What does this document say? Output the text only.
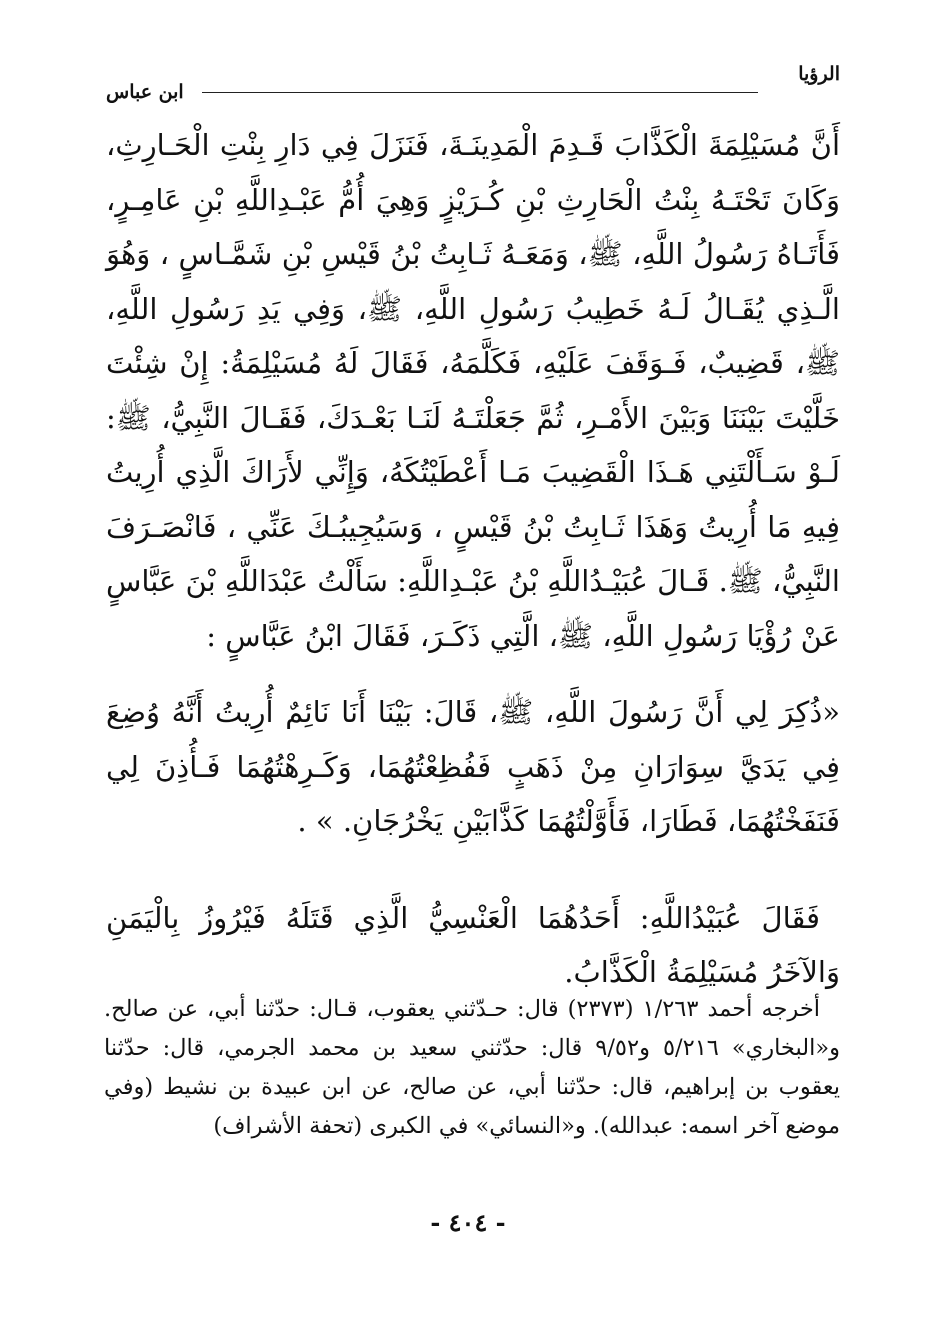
الرؤيا
ابن عباس

أَنَّ مُسَيْلِمَةَ الْكَذَّابَ قَـدِمَ الْمَدِينَـةَ، فَنَزَلَ فِي دَارِ بِنْتِ الْحَـارِثِ، وَكَانَ تَحْتَـهُ بِنْتُ الْحَارِثِ بْنِ كُـرَيْزٍ وَهِيَ أُمُّ عَبْـدِاللَّهِ بْنِ عَامِـرٍ، فَأَتَـاهُ رَسُولُ اللَّهِ، ﷺ، وَمَعَـهُ ثَـابِتُ بْنُ قَيْسِ بْنِ شَمَّـاسٍ ، وَهُوَ الَّـذِي يُقَـالُ لَـهُ خَطِيبُ رَسُولِ اللَّهِ، ﷺ، وَفِي يَدِ رَسُولِ اللَّهِ، ﷺ، قَضِيبٌ، فَـوَقَفَ عَلَيْهِ، فَكَلَّمَهُ، فَقَالَ لَهُ مُسَيْلِمَةُ: إِنْ شِئْتَ خَلَّيْتَ بَيْنَنَا وَبَيْنَ الأَمْـرِ، ثُمَّ جَعَلْتَـهُ لَنَـا بَعْـدَكَ، فَقَـالَ النَّبِيُّ، ﷺ: لَـوْ سَـأَلْتَنِي هَـذَا الْقَضِيبَ مَـا أَعْطَيْتُكَهُ، وَإِنِّي لأَرَاكَ الَّذِي أُرِيتُ فِيهِ مَا أُرِيتُ وَهَذَا ثَـابِتُ بْنُ قَيْسٍ ، وَسَيُجِيبُـكَ عَنِّي ، فَانْصَـرَفَ النَّبِيُّ، ﷺ. قَـالَ عُبَيْـدُاللَّهِ بْنُ عَبْـدِاللَّهِ: سَأَلْتُ عَبْدَاللَّهِ بْنَ عَبَّاسٍ عَنْ رُؤْيَا رَسُولِ اللَّهِ، ﷺ، الَّتِي ذَكَـرَ، فَقَالَ ابْنُ عَبَّاسٍ :

«ذُكِرَ لِي أَنَّ رَسُولَ اللَّهِ، ﷺ، قَالَ: بَيْنَا أَنَا نَائِمٌ أُرِيتُ أَنَّهُ وُضِعَ فِي يَدَيَّ سِوَارَانِ مِنْ ذَهَبٍ فَفُظِعْتُهُمَا، وَكَـرِهْتُهُمَا فَـأُذِنَ لِي فَنَفَخْتُهُمَا، فَطَارَا، فَأَوَّلْتُهُمَا كَذَّابَيْنِ يَخْرُجَانِ. » .

فَقَالَ عُبَيْدُاللَّهِ: أَحَدُهُمَا الْعَنْسِيُّ الَّذِي قَتَلَهُ فَيْرُوزُ بِالْيَمَنِ وَالآخَرُ مُسَيْلِمَةُ الْكَذَّابُ.

أخرجه أحمد ١/٢٦٣ (٢٣٧٣) قال: حـدّثني يعقوب، قـال: حدّثنا أبي، عن صالح. و«البخاري» ٥/٢١٦ و٩/٥٢ قال: حدّثني سعيد بن محمد الجرمي، قال: حدّثنا يعقوب بن إبراهيم، قال: حدّثنا أبي، عن صالح، عن ابن عبيدة بن نشيط (وفي موضع آخر اسمه: عبدالله). و«النسائي» في الكبرى (تحفة الأشراف)

- ٤٠٤ -
